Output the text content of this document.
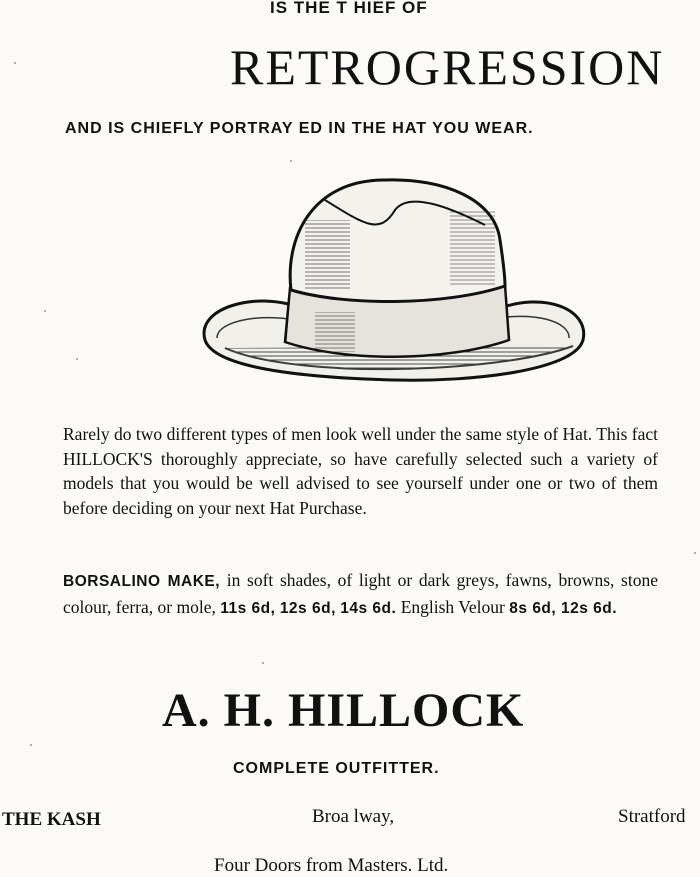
IS THE T HIEF OF
RETROGRESSION
AND IS CHIEFLY PORTRAY ED IN THE HAT YOU WEAR.

Rarely do two different types of men look well under the same style of Hat. This fact HILLOCK'S thoroughly appreciate, so have carefully selected such a variety of models that you would be well advised to see yourself under one or two of them before deciding on your next Hat Purchase.

BORSALINO MAKE, in soft shades, of light or dark greys, fawns, browns, stone colour, ferra, or mole, 11s 6d, 12s 6d, 14s 6d. English Velour 8s 6d, 12s 6d.

A. H. HILLOCK
COMPLETE OUTFITTER.
THE KASH	Broa lway,	Stratford
Four Doors from Masters. Ltd.
